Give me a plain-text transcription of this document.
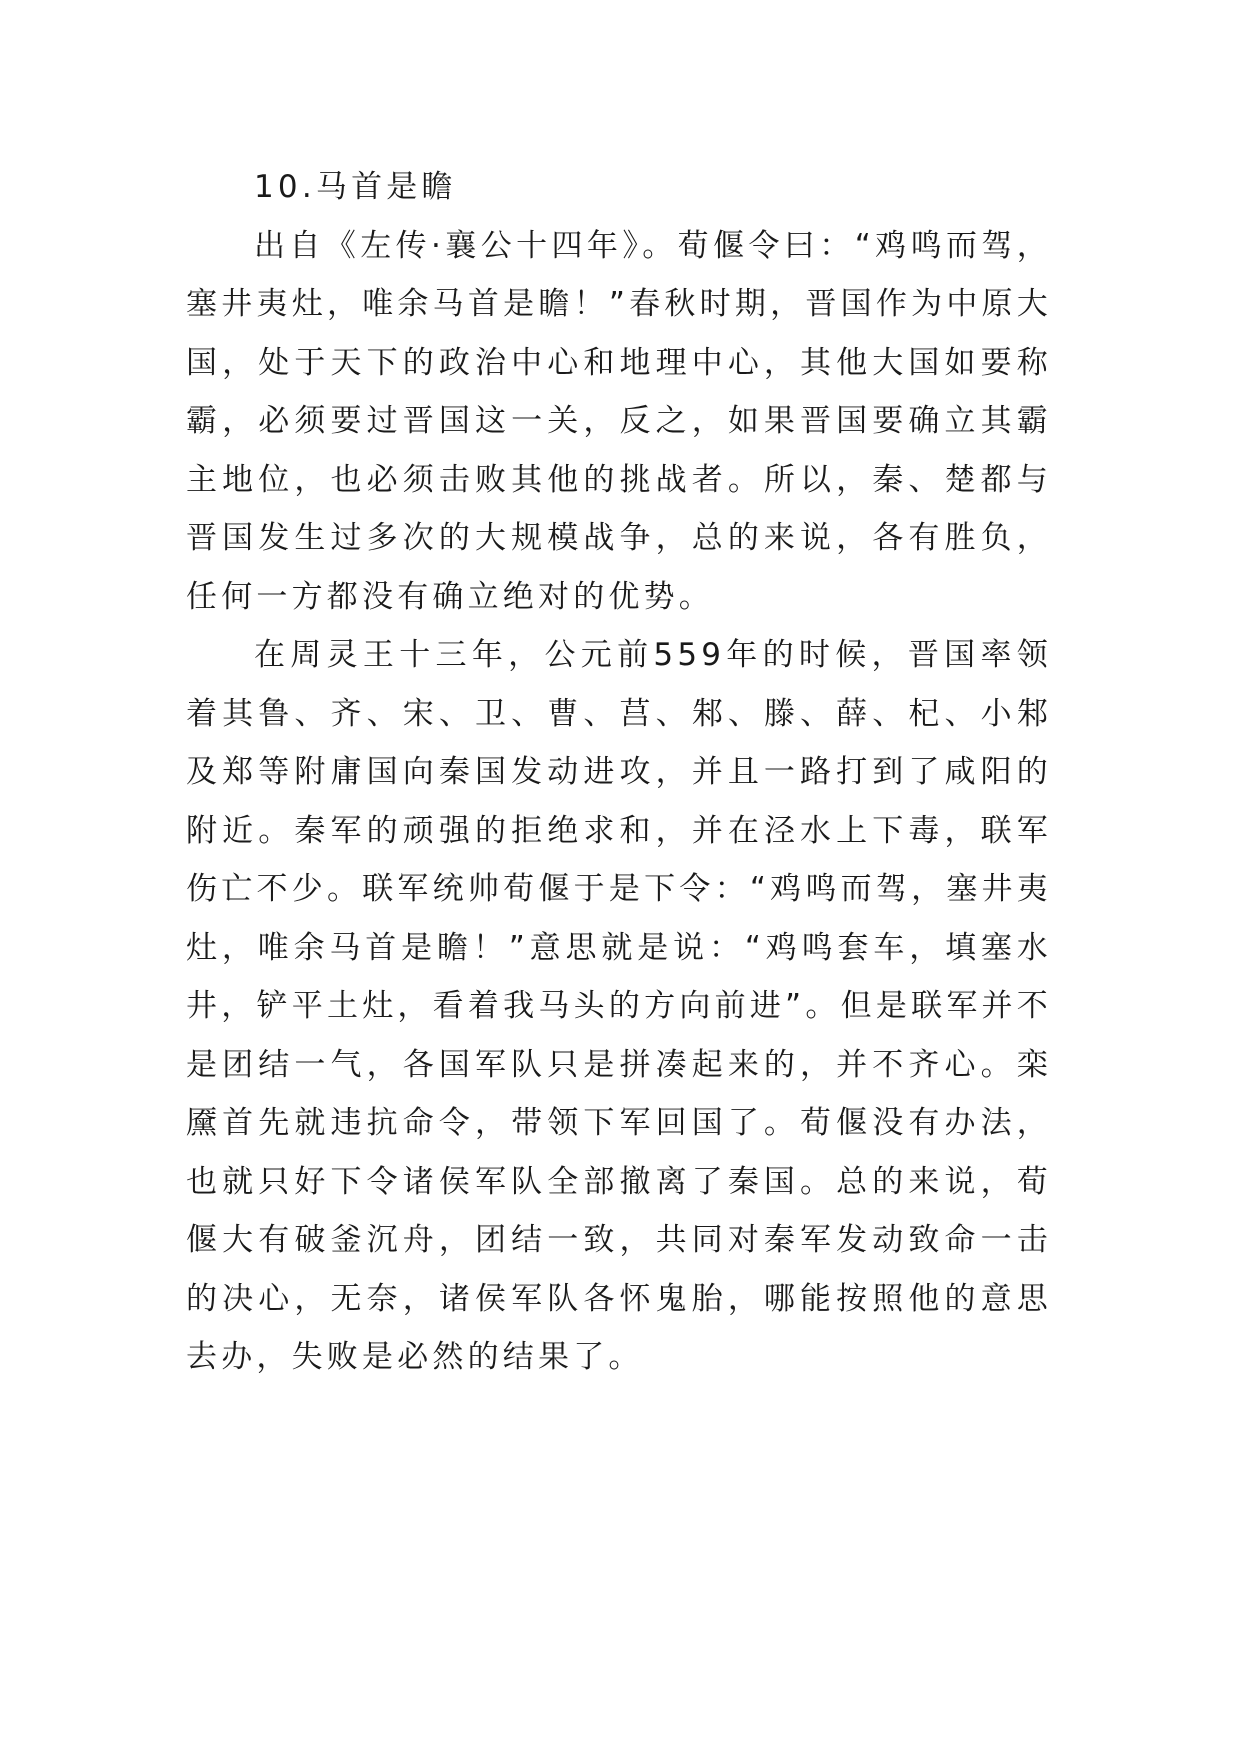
10.马首是瞻

出自《左传·襄公十四年》。荀偃令曰：“鸡鸣而驾，塞井夷灶，唯余马首是瞻！”春秋时期，晋国作为中原大国，处于天下的政治中心和地理中心，其他大国如要称霸，必须要过晋国这一关，反之，如果晋国要确立其霸主地位，也必须击败其他的挑战者。所以，秦、楚都与晋国发生过多次的大规模战争，总的来说，各有胜负，任何一方都没有确立绝对的优势。

在周灵王十三年，公元前559年的时候，晋国率领着其鲁、齐、宋、卫、曹、莒、邾、滕、薛、杞、小邾及郑等附庸国向秦国发动进攻，并且一路打到了咸阳的附近。秦军的顽强的拒绝求和，并在泾水上下毒，联军伤亡不少。联军统帅荀偃于是下令：“鸡鸣而驾，塞井夷灶，唯余马首是瞻！”意思就是说：“鸡鸣套车，填塞水井，铲平土灶，看着我马头的方向前进”。但是联军并不是团结一气，各国军队只是拼凑起来的，并不齐心。栾黡首先就违抗命令，带领下军回国了。荀偃没有办法，也就只好下令诸侯军队全部撤离了秦国。总的来说，荀偃大有破釜沉舟，团结一致，共同对秦军发动致命一击的决心，无奈，诸侯军队各怀鬼胎，哪能按照他的意思去办，失败是必然的结果了。
